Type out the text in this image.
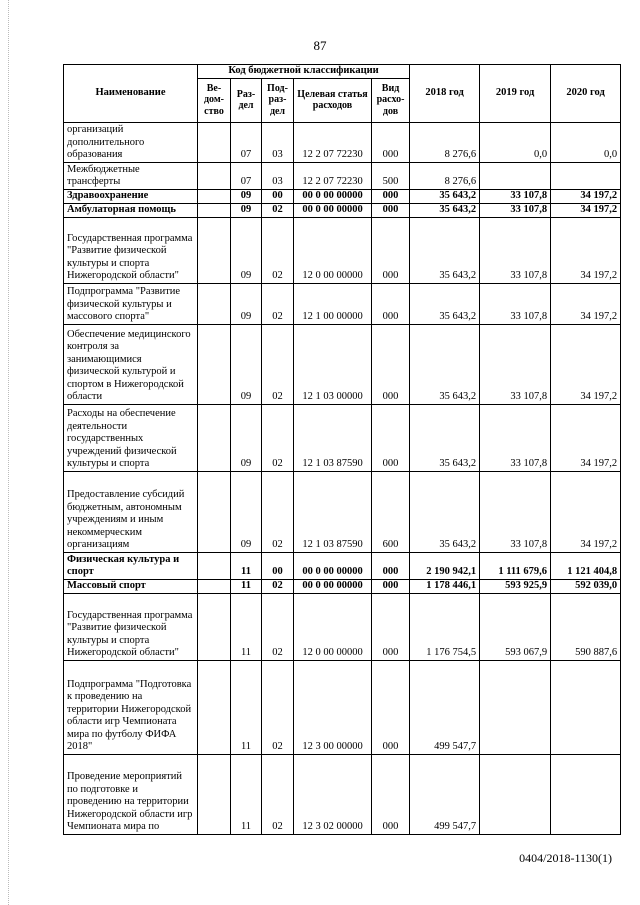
87
Наименование	Код бюджетной классификации					2018 год	2019 год	2020 год
	Ве-дом-ство	Раз-дел	Под-раз-дел	Целевая статья расходов	Вид расхо-дов			
организаций дополнительного образования		07	03	12 2 07 72230	000	8 276,6	0,0	0,0
Межбюджетные трансферты		07	03	12 2 07 72230	500	8 276,6		
Здравоохранение		09	00	00 0 00 00000	000	35 643,2	33 107,8	34 197,2
Амбулаторная помощь		09	02	00 0 00 00000	000	35 643,2	33 107,8	34 197,2
Государственная программа "Развитие физической культуры и спорта Нижегородской области"		09	02	12 0 00 00000	000	35 643,2	33 107,8	34 197,2
Подпрограмма "Развитие физической культуры и массового спорта"		09	02	12 1 00 00000	000	35 643,2	33 107,8	34 197,2
Обеспечение медицинского контроля за занимающимися физической культурой и спортом в Нижегородской области		09	02	12 1 03 00000	000	35 643,2	33 107,8	34 197,2
Расходы на обеспечение деятельности государственных учреждений физической культуры и спорта		09	02	12 1 03 87590	000	35 643,2	33 107,8	34 197,2
Предоставление субсидий бюджетным, автономным учреждениям и иным некоммерческим организациям		09	02	12 1 03 87590	600	35 643,2	33 107,8	34 197,2
Физическая культура и спорт		11	00	00 0 00 00000	000	2 190 942,1	1 111 679,6	1 121 404,8
Массовый спорт		11	02	00 0 00 00000	000	1 178 446,1	593 925,9	592 039,0
Государственная программа "Развитие физической культуры и спорта Нижегородской области"		11	02	12 0 00 00000	000	1 176 754,5	593 067,9	590 887,6
Подпрограмма "Подготовка к проведению на территории Нижегородской области игр Чемпионата мира по футболу ФИФА 2018"		11	02	12 3 00 00000	000	499 547,7		
Проведение мероприятий по подготовке и проведению на территории Нижегородской области игр Чемпионата мира по		11	02	12 3 02 00000	000	499 547,7		
0404/2018-1130(1)
